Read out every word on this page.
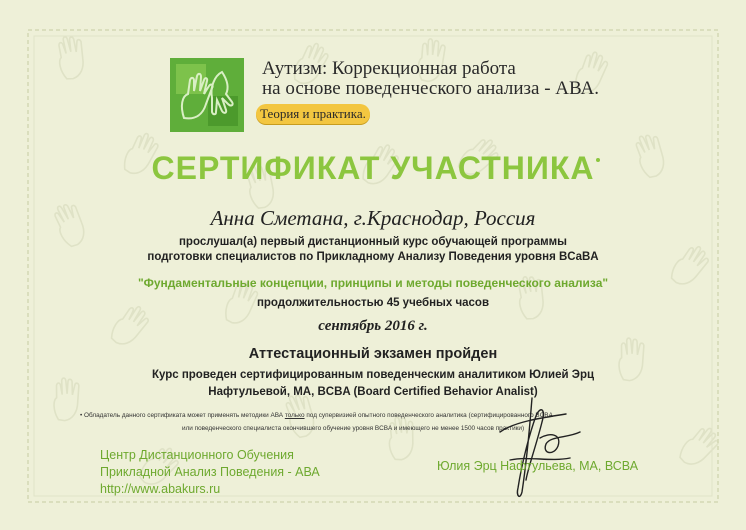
Аутизм: Коррекционная работа
на основе поведенческого анализа - АВА.
Теория и практика.
СЕРТИФИКАТ УЧАСТНИКА
Анна Сметана, г.Краснодар, Россия
прослушал(а) первый дистанционный курс обучающей программы
подготовки специалистов по Прикладному Анализу Поведения уровня BCaBA
"Фундаментальные концепции, принципы и методы поведенческого анализа"
продолжительностью 45 учебных часов
сентябрь 2016 г.
Аттестационный экзамен пройден
Курс проведен сертифицированным поведенческим аналитиком Юлией Эрц
Нафтульевой, МА, BCBA (Board Certified Behavior Analist)
• Обладатель данного сертификата может применять методики АВА только под супервизией опытного поведенческого аналитика (сертифицированного BCBA
или поведенческого специалиста окончившего обучение уровня BCBA и имеющего не менее 1500 часов практики)
Центр Дистанционного Обучения
Прикладной Анализ Поведения - АВА
http://www.abakurs.ru
Юлия Эрц Нафтульева, МА, ВСВА
